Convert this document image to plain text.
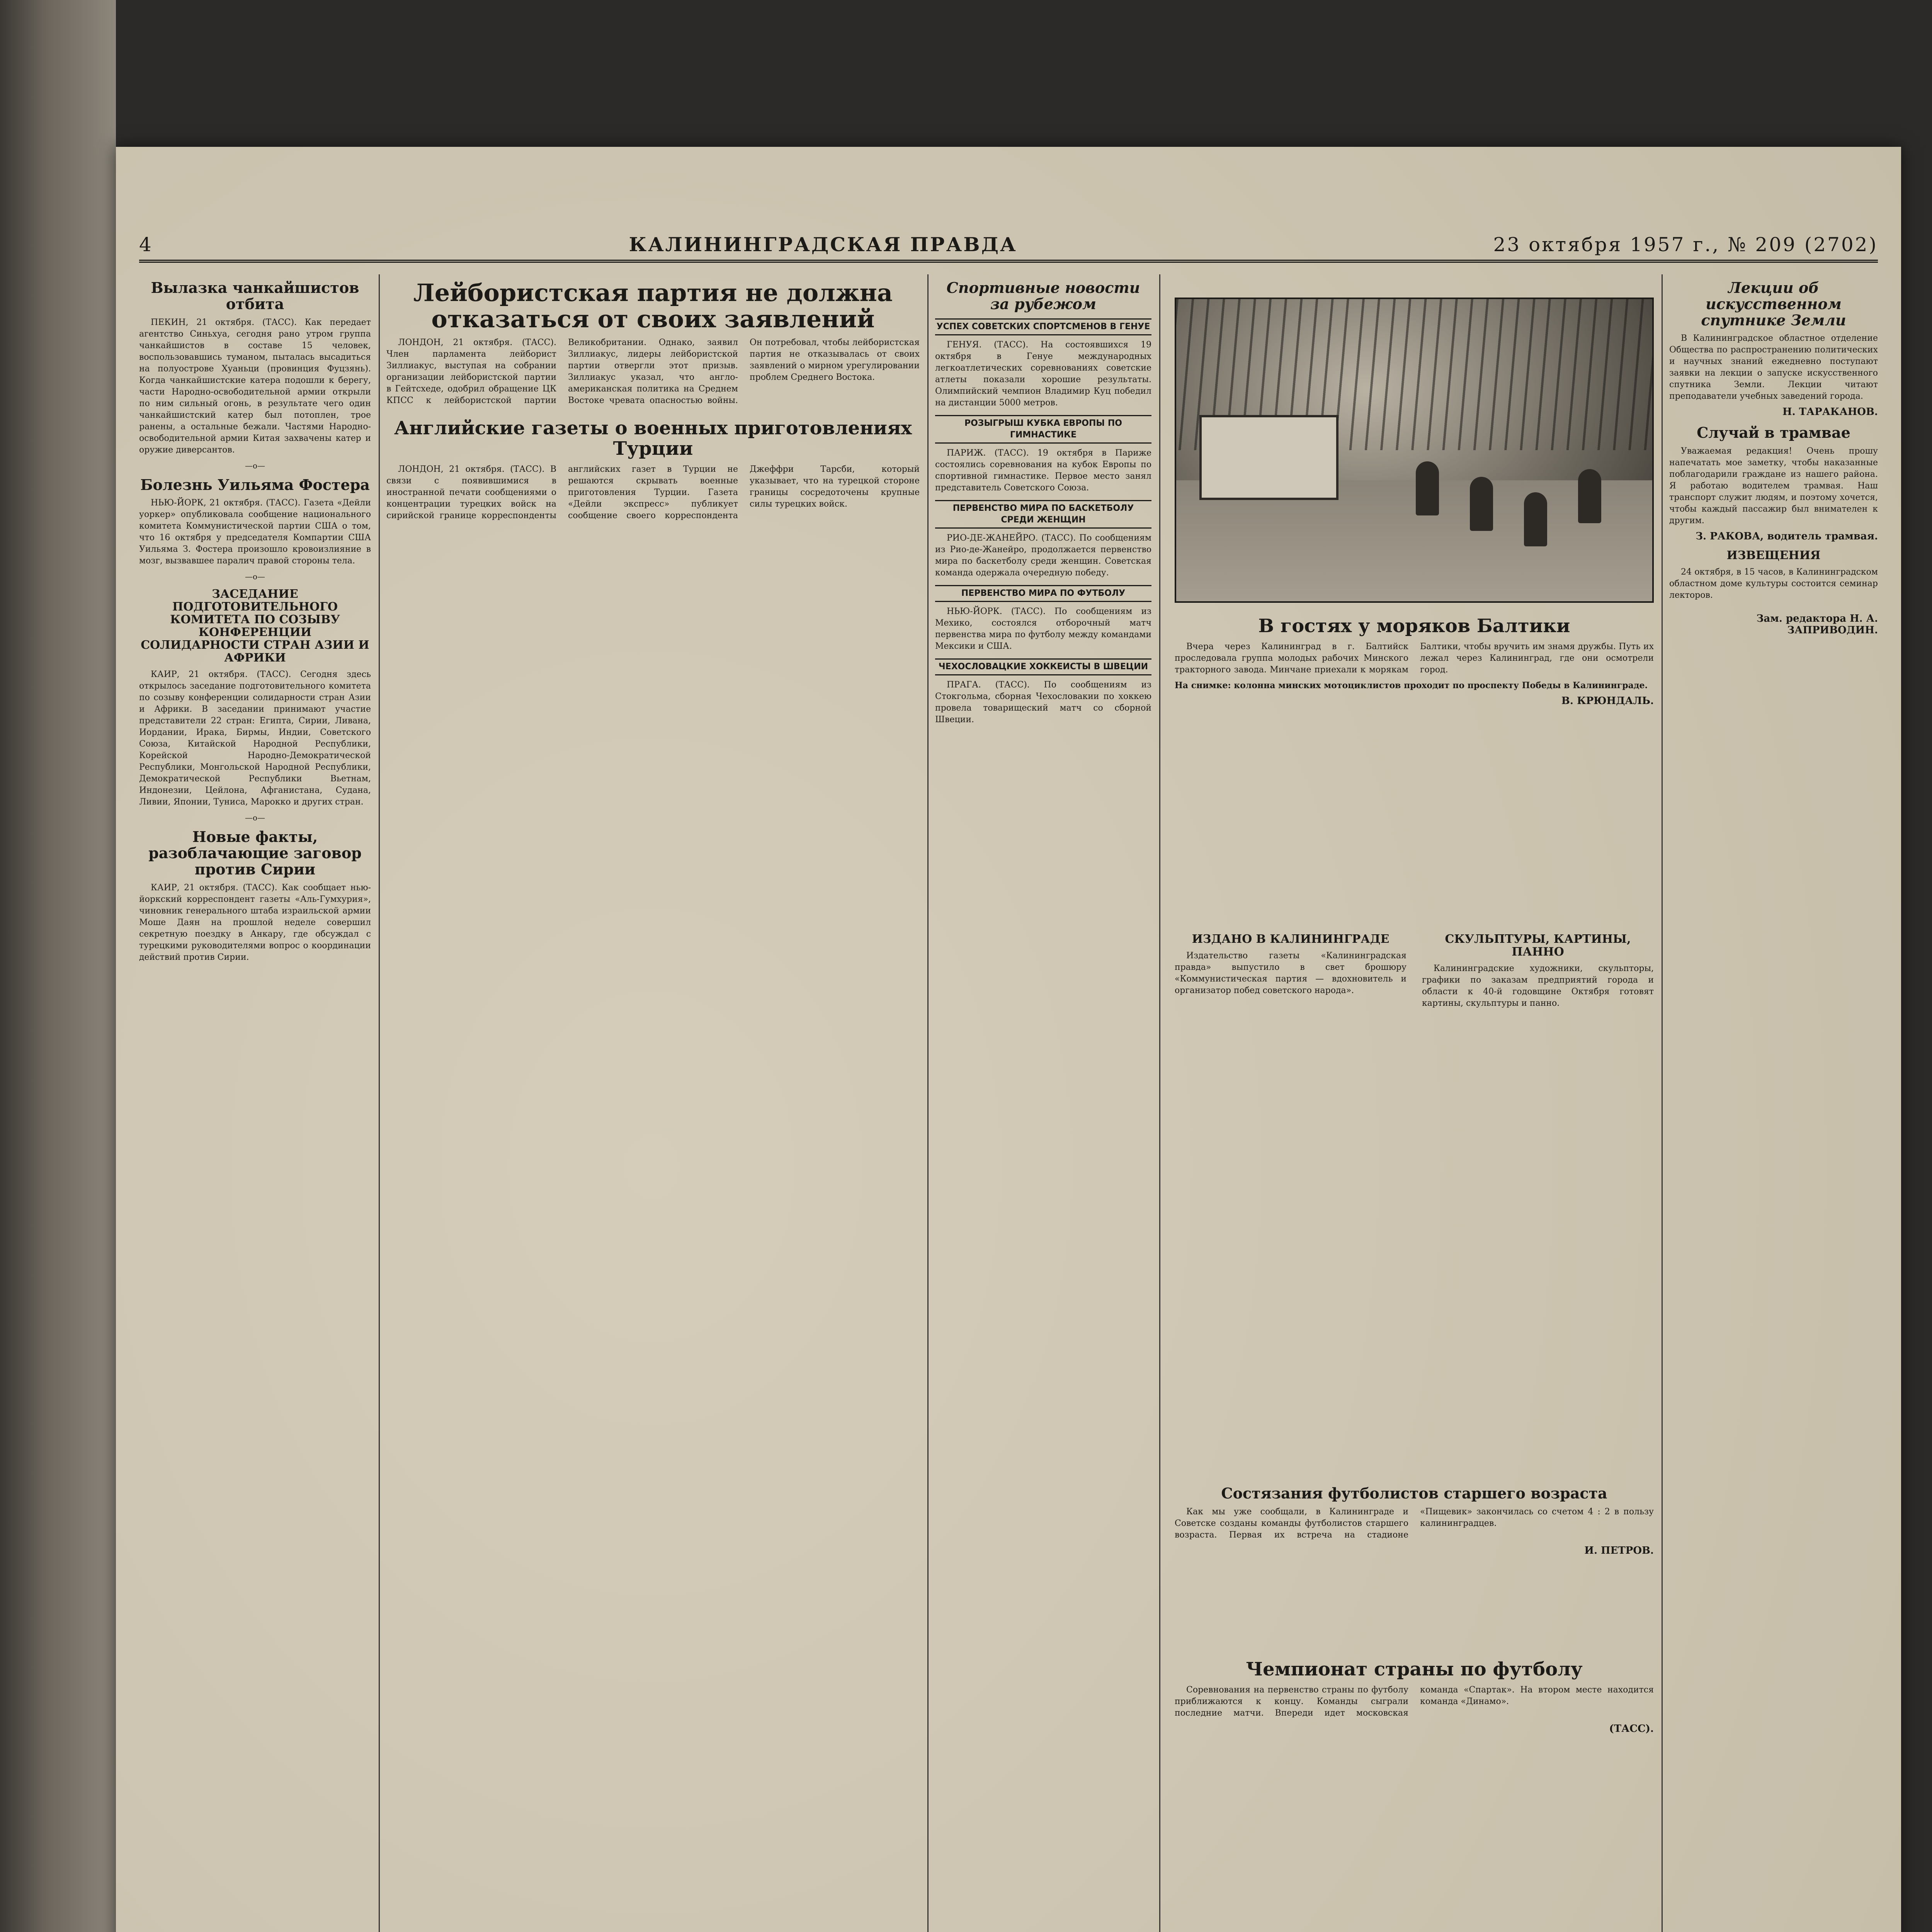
4	КАЛИНИНГРАДСКАЯ ПРАВДА	23 октября 1957 г., № 209 (2702)
Вылазка чанкайшистов отбита

ПЕКИН, 21 октября. (ТАСС). Как передает агентство Синьхуа, сегодня рано утром группа чанкайшистов в составе 15 человек, воспользовавшись туманом, пыталась высадиться на полуострове Хуаньци (провинция Фуцзянь). Когда чанкайшистские катера подошли к берегу, части Народно-освободительной армии открыли по ним сильный огонь, в результате чего один чанкайшистский катер был потоплен, трое ранены, а остальные бежали. Частями Народно-освободительной армии Китая захвачены катер и оружие диверсантов.

—o—
Болезнь Уильяма Фостера

НЬЮ-ЙОРК, 21 октября. (ТАСС). Газета «Дейли уоркер» опубликовала сообщение национального комитета Коммунистической партии США о том, что 16 октября у председателя Компартии США Уильяма З. Фостера произошло кровоизлияние в мозг, вызвавшее паралич правой стороны тела.

—o—
ЗАСЕДАНИЕ ПОДГОТОВИТЕЛЬНОГО КОМИТЕТА ПО СОЗЫВУ КОНФЕРЕНЦИИ СОЛИДАРНОСТИ СТРАН АЗИИ И АФРИКИ

КАИР, 21 октября. (ТАСС). Сегодня здесь открылось заседание подготовительного комитета по созыву конференции солидарности стран Азии и Африки. В заседании принимают участие представители 22 стран: Египта, Сирии, Ливана, Иордании, Ирака, Бирмы, Индии, Советского Союза, Китайской Народной Республики, Корейской Народно-Демократической Республики, Монгольской Народной Республики, Демократической Республики Вьетнам, Индонезии, Цейлона, Афганистана, Судана, Ливии, Японии, Туниса, Марокко и других стран.

—o—
Новые факты, разоблачающие заговор против Сирии

КАИР, 21 октября. (ТАСС). Как сообщает нью-йоркский корреспондент газеты «Аль-Гумхурия», чиновник генерального штаба израильской армии Моше Даян на прошлой неделе совершил секретную поездку в Анкару, где обсуждал с турецкими руководителями вопрос о координации действий против Сирии.

Лейбористская партия не должна отказаться от своих заявлений

ЛОНДОН, 21 октября. (ТАСС). Член парламента лейборист Зиллиакус, выступая на собрании организации лейбористской партии в Гейтсхеде, одобрил обращение ЦК КПСС к лейбористской партии Великобритании. Однако, заявил Зиллиакус, лидеры лейбористской партии отвергли этот призыв. Зиллиакус указал, что англо-американская политика на Среднем Востоке чревата опасностью войны. Он потребовал, чтобы лейбористская партия не отказывалась от своих заявлений о мирном урегулировании проблем Среднего Востока.

Английские газеты о военных приготовлениях Турции

ЛОНДОН, 21 октября. (ТАСС). В связи с появившимися в иностранной печати сообщениями о концентрации турецких войск на сирийской границе корреспонденты английских газет в Турции не решаются скрывать военные приготовления Турции. Газета «Дейли экспресс» публикует сообщение своего корреспондента Джеффри Тарсби, который указывает, что на турецкой стороне границы сосредоточены крупные силы турецких войск.

Спортивные новости за рубежом
УСПЕХ СОВЕТСКИХ СПОРТСМЕНОВ В ГЕНУЕ

ГЕНУЯ. (ТАСС). На состоявшихся 19 октября в Генуе международных легкоатлетических соревнованиях советские атлеты показали хорошие результаты. Олимпийский чемпион Владимир Куц победил на дистанции 5000 метров.

РОЗЫГРЫШ КУБКА ЕВРОПЫ ПО ГИМНАСТИКЕ

ПАРИЖ. (ТАСС). 19 октября в Париже состоялись соревнования на кубок Европы по спортивной гимнастике. Первое место занял представитель Советского Союза.

ПЕРВЕНСТВО МИРА ПО БАСКЕТБОЛУ СРЕДИ ЖЕНЩИН

РИО-ДЕ-ЖАНЕЙРО. (ТАСС). По сообщениям из Рио-де-Жанейро, продолжается первенство мира по баскетболу среди женщин. Советская команда одержала очередную победу.

ПЕРВЕНСТВО МИРА ПО ФУТБОЛУ

НЬЮ-ЙОРК. (ТАСС). По сообщениям из Мехико, состоялся отборочный матч первенства мира по футболу между командами Мексики и США.

ЧЕХОСЛОВАЦКИЕ ХОККЕИСТЫ В ШВЕЦИИ

ПРАГА. (ТАСС). По сообщениям из Стокгольма, сборная Чехословакии по хоккею провела товарищеский матч со сборной Швеции.

В гостях у моряков Балтики

Вчера через Калининград в г. Балтийск проследовала группа молодых рабочих Минского тракторного завода. Минчане приехали к морякам Балтики, чтобы вручить им знамя дружбы. Путь их лежал через Калининград, где они осмотрели город.

На снимке: колонна минских мотоциклистов проходит по проспекту Победы в Калининграде.

В. КРЮНДАЛЬ.
ИЗДАНО В КАЛИНИНГРАДЕ

Издательство газеты «Калининградская правда» выпустило в свет брошюру «Коммунистическая партия — вдохновитель и организатор побед советского народа».

СКУЛЬПТУРЫ, КАРТИНЫ, ПАННО

Калининградские художники, скульпторы, графики по заказам предприятий города и области к 40-й годовщине Октября готовят картины, скульптуры и панно.

Состязания футболистов старшего возраста

Как мы уже сообщали, в Калининграде и Советске созданы команды футболистов старшего возраста. Первая их встреча на стадионе «Пищевик» закончилась со счетом 4 : 2 в пользу калининградцев.

И. ПЕТРОВ.
Чемпионат страны по футболу

Соревнования на первенство страны по футболу приближаются к концу. Команды сыграли последние матчи. Впереди идет московская команда «Спартак». На втором месте находится команда «Динамо».

(ТАСС).
Лекции об искусственном спутнике Земли

В Калининградское областное отделение Общества по распространению политических и научных знаний ежедневно поступают заявки на лекции о запуске искусственного спутника Земли. Лекции читают преподаватели учебных заведений города.

Н. ТАРАКАНОВ.
Случай в трамвае

Уважаемая редакция! Очень прошу напечатать мое заметку, чтобы наказанные поблагодарили граждане из нашего района. Я работаю водителем трамвая. Наш транспорт служит людям, и поэтому хочется, чтобы каждый пассажир был внимателен к другим.

З. РАКОВА, водитель трамвая.
ИЗВЕЩЕНИЯ

24 октября, в 15 часов, в Калининградском областном доме культуры состоится семинар лекторов.

Зам. редактора Н. А. ЗАПРИВОДИН.
